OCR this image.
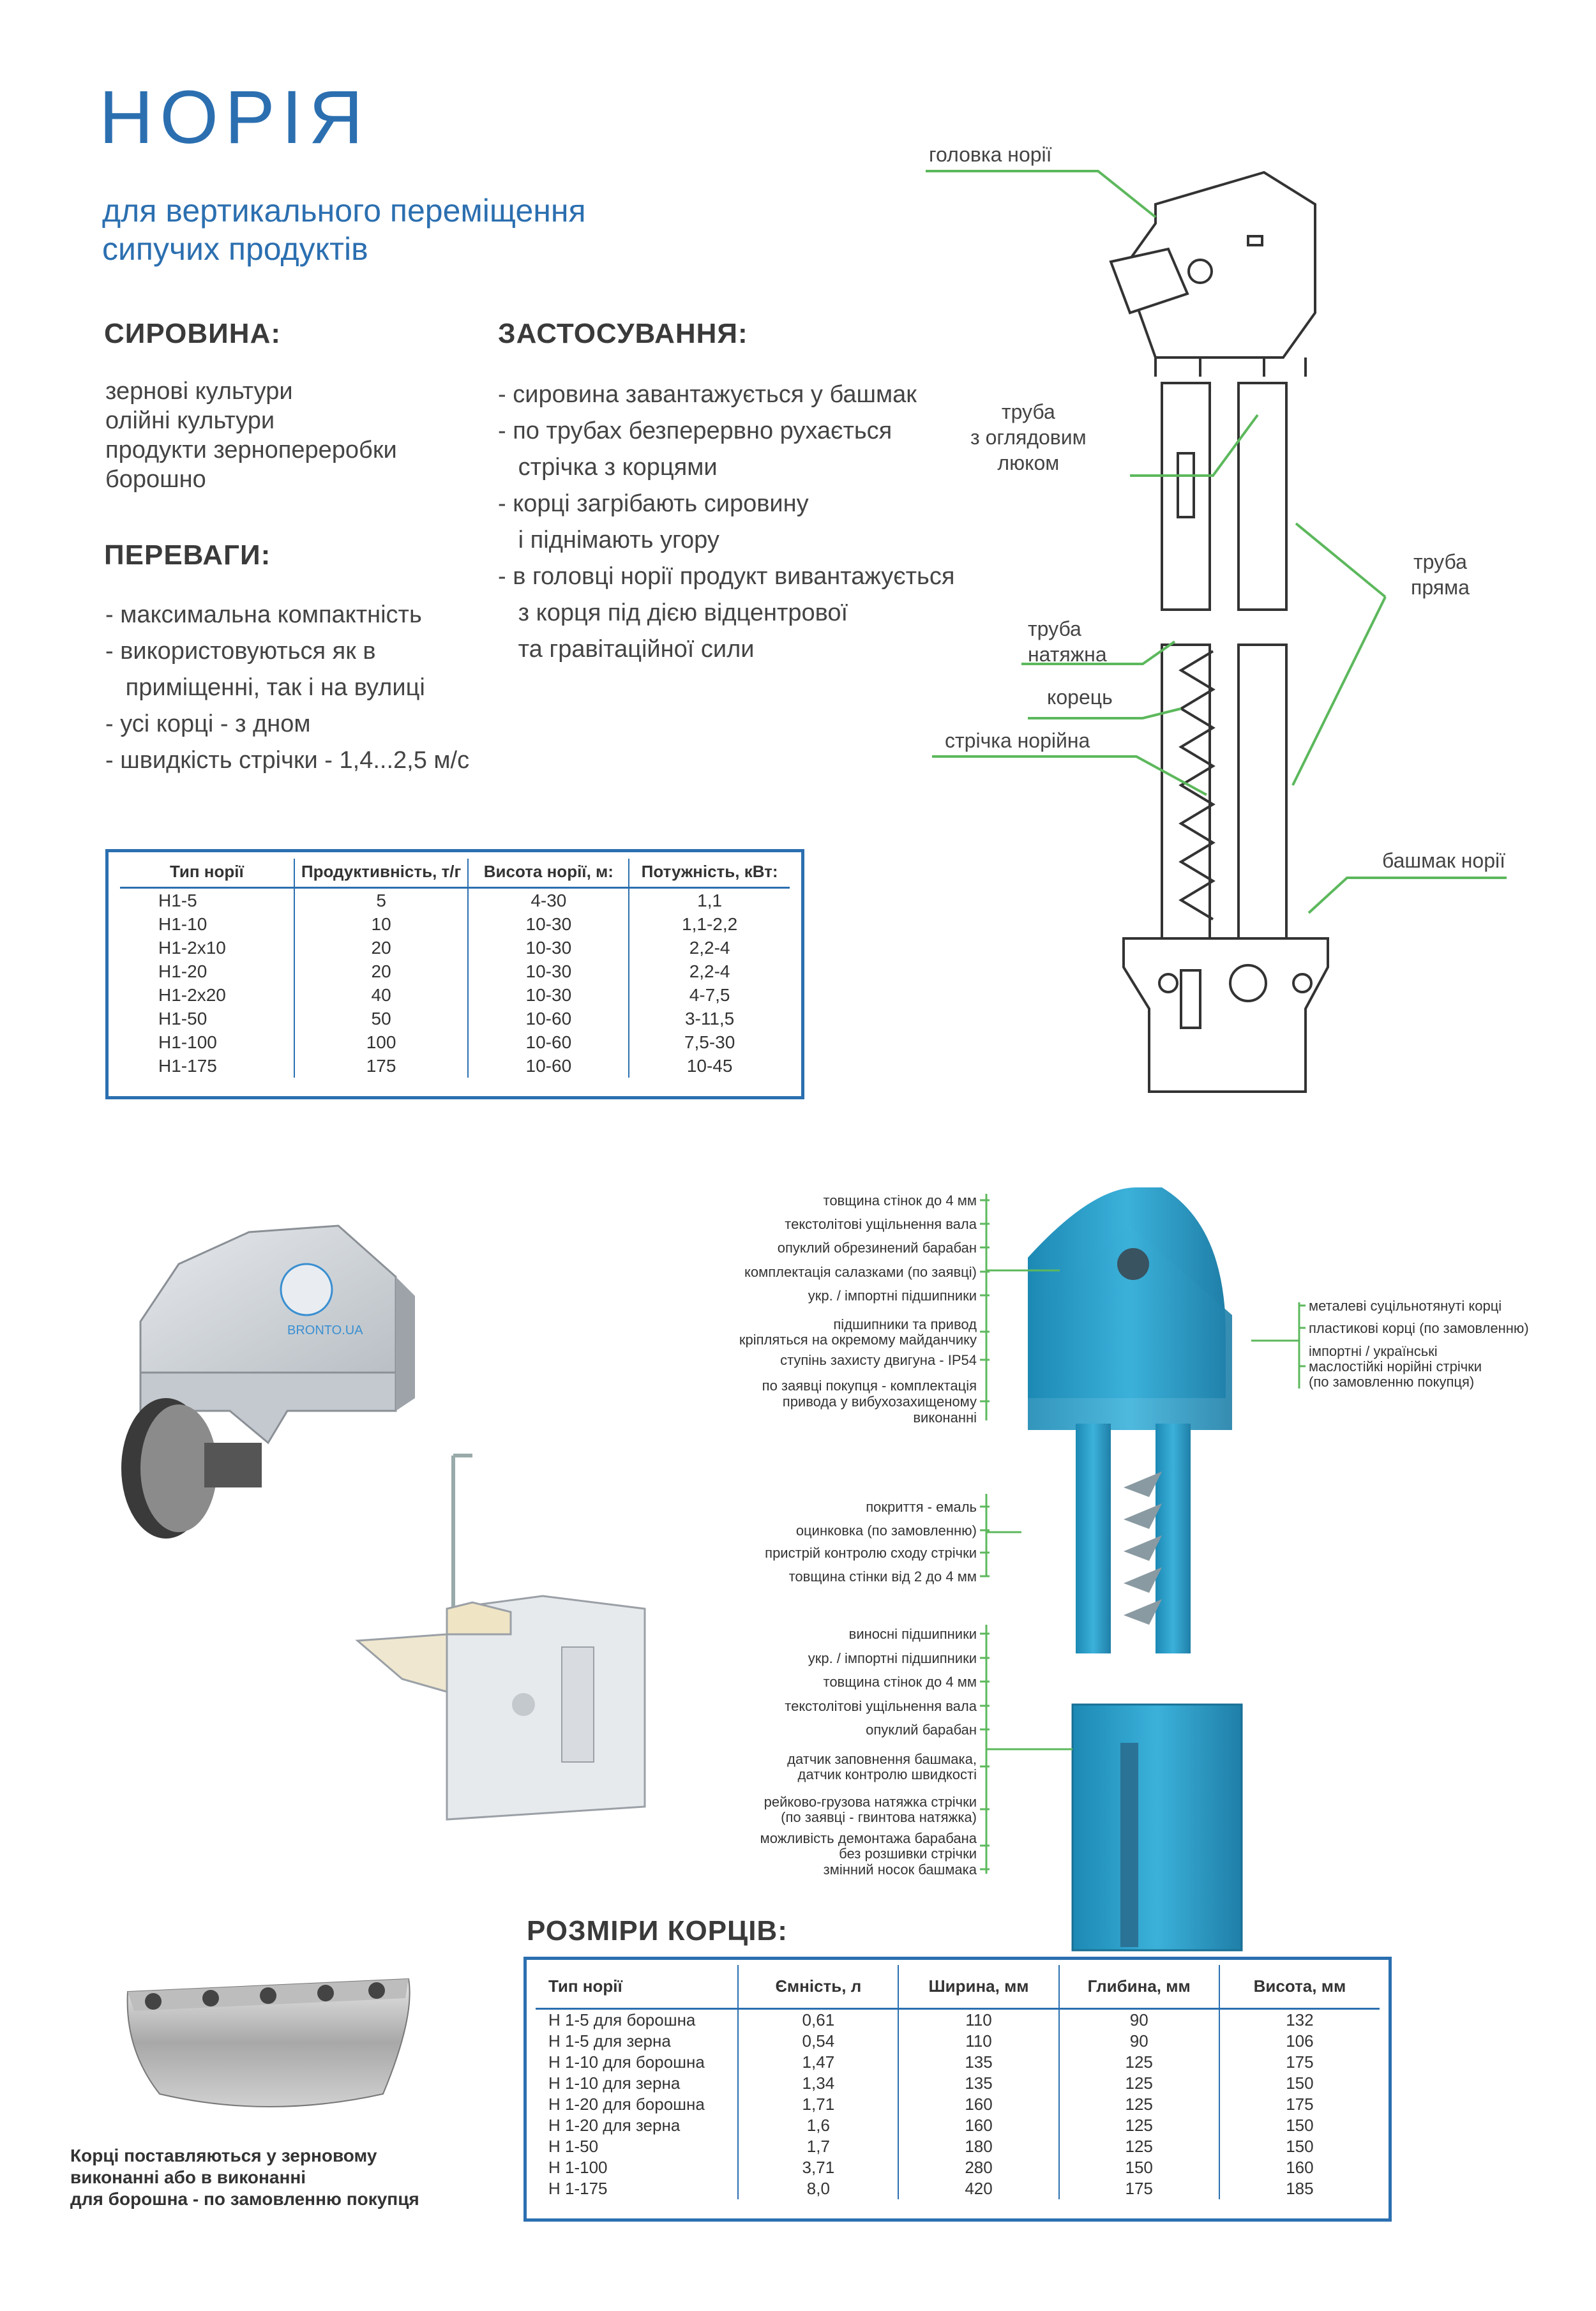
НОРІЯ
для вертикального переміщення
сипучих продуктів
СИРОВИНА:
зернові культури
олійні культури
продукти зернопереробки
борошно
ПЕРЕВАГИ:
- максимальна компактність
- використовуються як в
приміщенні, так і на вулиці
- усі корці - з дном
- швидкість стрічки - 1,4...2,5 м/с
ЗАСТОСУВАННЯ:
- сировина завантажується у башмак
- по трубах безперервно рухається
стрічка з корцями
- корці загрібають сировину
і піднімають угору
- в головці норії продукт вивантажується
з корця під дією відцентрової
та гравітаційної сили
головка норії
труба
з оглядовим
люком
труба
пряма
труба
натяжна
корець
стрічка норійна
башмак норії
Тип норії	Продуктивність, т/г	Висота норії, м:	Потужність, кВт:
Н1-5	5	4-30	1,1
Н1-10	10	10-30	1,1-2,2
Н1-2х10	20	10-30	2,2-4
Н1-20	20	10-30	2,2-4
Н1-2х20	40	10-30	4-7,5
Н1-50	50	10-60	3-11,5
Н1-100	100	10-60	7,5-30
Н1-175	175	10-60	10-45
BRONTO.UA
товщина стінок до 4 мм
текстолітові ущільнення вала
опуклий обрезинений барабан
комплектація салазками (по заявці)
укр. / імпортні підшипники
підшипники та привод
кріпляться на окремому майданчику
ступінь захисту двигуна - IP54
по заявці покупця - комплектація
привода у вибухозахищеному
виконанні
покриття - емаль
оцинковка (по замовленню)
пристрій контролю сходу стрічки
товщина стінки від 2 до 4 мм
виносні підшипники
укр. / імпортні підшипники
товщина стінок до 4 мм
текстолітові ущільнення вала
опуклий барабан
датчик заповнення башмака,
датчик контролю швидкості
рейково-грузова натяжка стрічки
(по заявці - гвинтова натяжка)
можливість демонтажа барабана
без розшивки стрічки
змінний носок башмака
металеві суцільнотянуті корці
пластикові корці (по замовленню)
імпортні / українські
маслостійкі норійні стрічки
(по замовленню покупця)
Корці поставляються у зерновому
виконанні або в виконанні
для борошна - по замовленню покупця
РОЗМІРИ КОРЦІВ:
Тип норії	Ємність, л	Ширина, мм	Глибина, мм	Висота, мм
Н 1-5 для борошна	0,61	110	90	132
Н 1-5 для зерна	0,54	110	90	106
Н 1-10 для борошна	1,47	135	125	175
Н 1-10 для зерна	1,34	135	125	150
Н 1-20 для борошна	1,71	160	125	175
Н 1-20 для зерна	1,6	160	125	150
Н 1-50	1,7	180	125	150
Н 1-100	3,71	280	150	160
Н 1-175	8,0	420	175	185
